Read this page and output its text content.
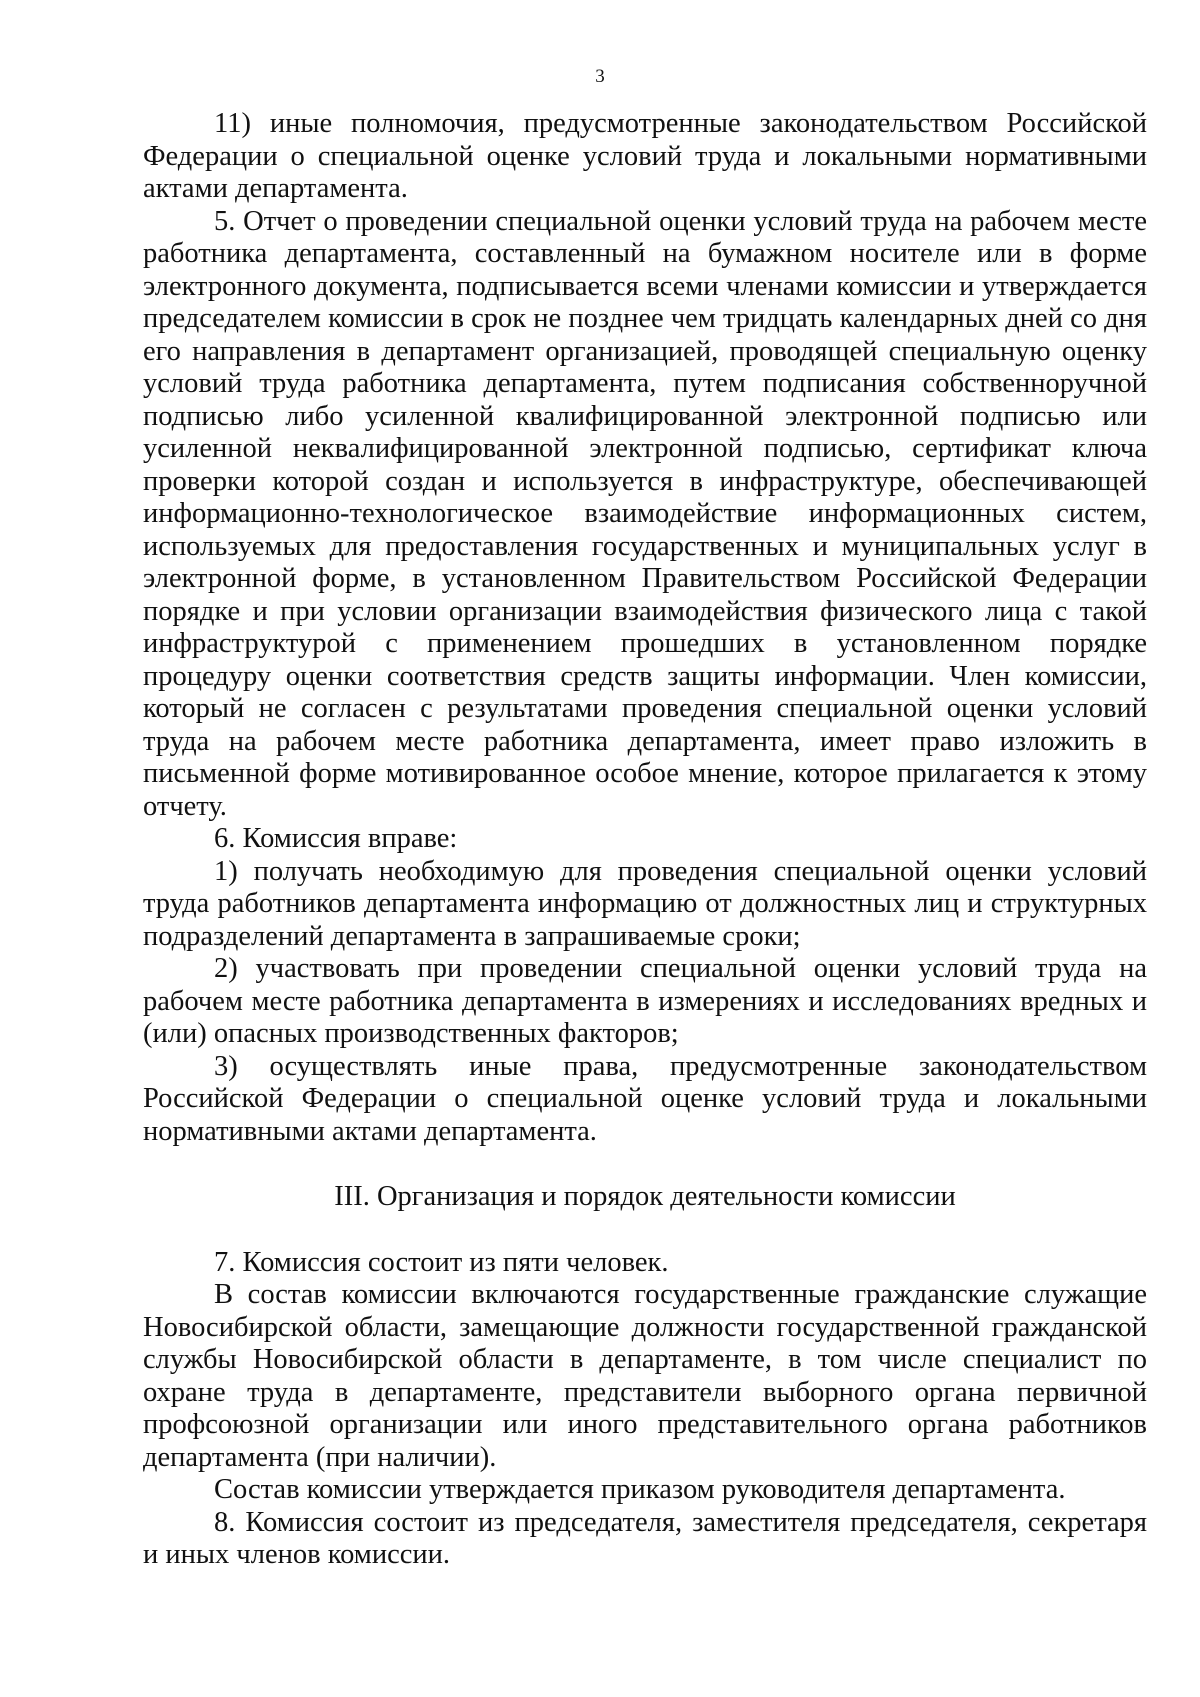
3

11) иные полномочия, предусмотренные законодательством Российской Федерации о специальной оценке условий труда и локальными нормативными актами департамента.

5. Отчет о проведении специальной оценки условий труда на рабочем месте работника департамента, составленный на бумажном носителе или в форме электронного документа, подписывается всеми членами комиссии и утверждается председателем комиссии в срок не позднее чем тридцать календарных дней со дня его направления в департамент организацией, проводящей специальную оценку условий труда работника департамента, путем подписания собственноручной подписью либо усиленной квалифицированной электронной подписью или усиленной неквалифицированной электронной подписью, сертификат ключа проверки которой создан и используется в инфраструктуре, обеспечивающей информационно-технологическое взаимодействие информационных систем, используемых для предоставления государственных и муниципальных услуг в электронной форме, в установленном Правительством Российской Федерации порядке и при условии организации взаимодействия физического лица с такой инфраструктурой с применением прошедших в установленном порядке процедуру оценки соответствия средств защиты информации. Член комиссии, который не согласен с результатами проведения специальной оценки условий труда на рабочем месте работника департамента, имеет право изложить в письменной форме мотивированное особое мнение, которое прилагается к этому отчету.

6. Комиссия вправе:

1) получать необходимую для проведения специальной оценки условий труда работников департамента информацию от должностных лиц и структурных подразделений департамента в запрашиваемые сроки;

2) участвовать при проведении специальной оценки условий труда на рабочем месте работника департамента в измерениях и исследованиях вредных и (или) опасных производственных факторов;

3) осуществлять иные права, предусмотренные законодательством Российской Федерации о специальной оценке условий труда и локальными нормативными актами департамента.

III. Организация и порядок деятельности комиссии

7. Комиссия состоит из пяти человек.

В состав комиссии включаются государственные гражданские служащие Новосибирской области, замещающие должности государственной гражданской службы Новосибирской области в департаменте, в том числе специалист по охране труда в департаменте, представители выборного органа первичной профсоюзной организации или иного представительного органа работников департамента (при наличии).

Состав комиссии утверждается приказом руководителя департамента.

8. Комиссия состоит из председателя, заместителя председателя, секретаря и иных членов комиссии.
